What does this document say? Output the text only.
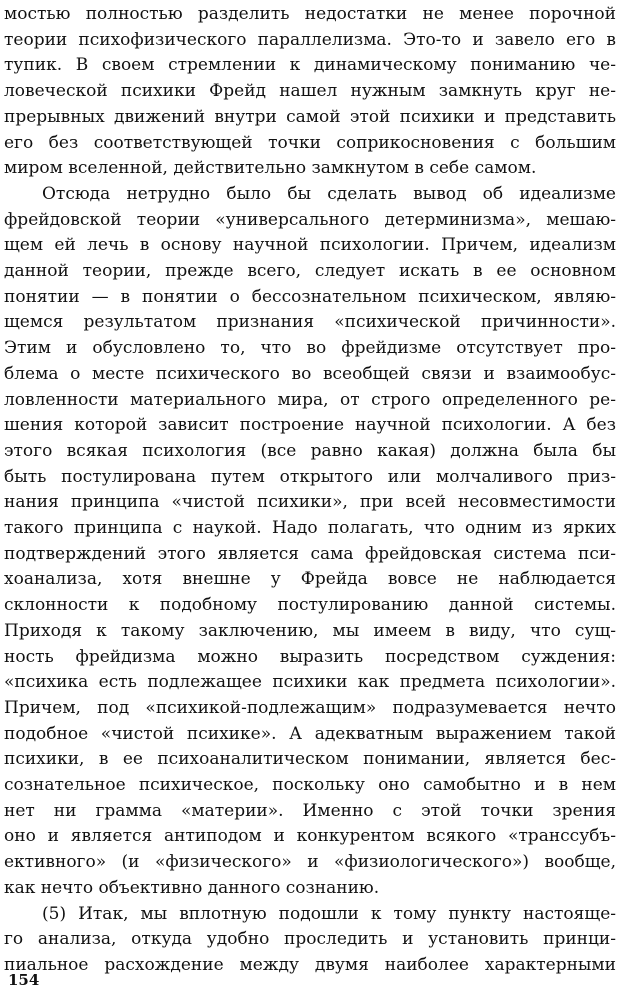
мостью полностью разделить недостатки не менее порочной
теории психофизического параллелизма. Это-то и завело его в
тупик. В своем стремлении к динамическому пониманию че-
ловеческой психики Фрейд нашел нужным замкнуть круг не-
прерывных движений внутри самой этой психики и представить
его без соответствующей точки соприкосновения с большим
миром вселенной, действительно замкнутом в себе самом.
Отсюда нетрудно было бы сделать вывод об идеализме
фрейдовской теории «универсального детерминизма», мешаю-
щем ей лечь в основу научной психологии. Причем, идеализм
данной теории, прежде всего, следует искать в ее основном
понятии — в понятии о бессознательном психическом, являю-
щемся результатом признания «психической причинности».
Этим и обусловлено то, что во фрейдизме отсутствует про-
блема о месте психического во всеобщей связи и взаимообус-
ловленности материального мира, от строго определенного ре-
шения которой зависит построение научной психологии. А без
этого всякая психология (все равно какая) должна была бы
быть постулирована путем открытого или молчаливого приз-
нания принципа «чистой психики», при всей несовместимости
такого принципа с наукой. Надо полагать, что одним из ярких
подтверждений этого является сама фрейдовская система пси-
хоанализа, хотя внешне у Фрейда вовсе не наблюдается
склонности к подобному постулированию данной системы.
Приходя к такому заключению, мы имеем в виду, что сущ-
ность фрейдизма можно выразить посредством суждения:
«психика есть подлежащее психики как предмета психологии».
Причем, под «психикой-подлежащим» подразумевается нечто
подобное «чистой психике». А адекватным выражением такой
психики, в ее психоаналитическом понимании, является бес-
сознательное психическое, поскольку оно самобытно и в нем
нет ни грамма «материи». Именно с этой точки зрения
оно и является антиподом и конкурентом всякого «транссубъ-
ективного» (и «физического» и «физиологического») вообще,
как нечто объективно данного сознанию.
(5) Итак, мы вплотную подошли к тому пункту настояще-
го анализа, откуда удобно проследить и установить принци-
пиальное расхождение между двумя наиболее характерными
154
